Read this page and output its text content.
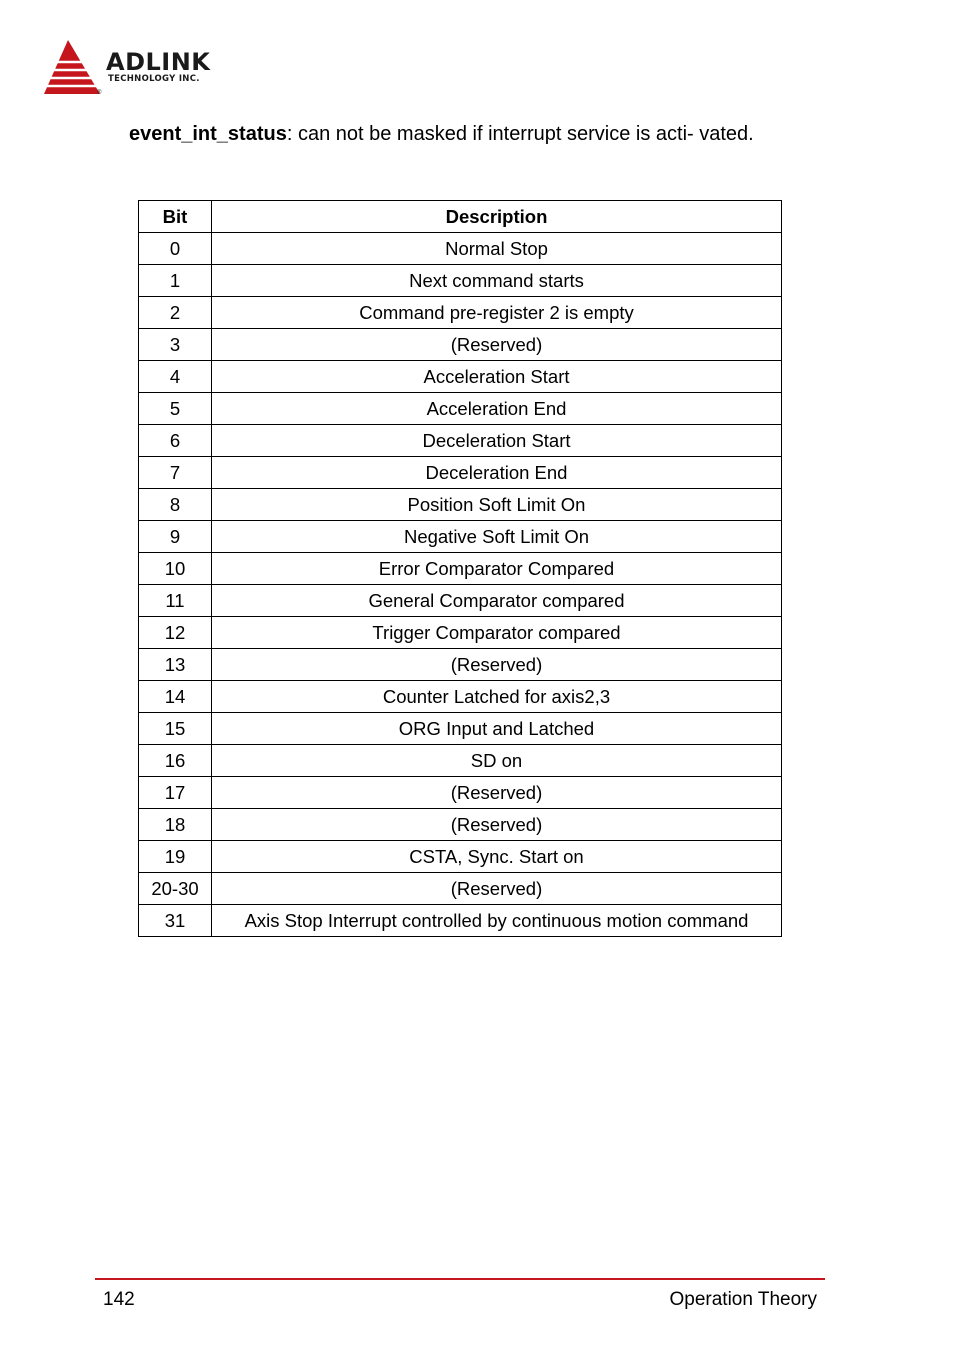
ADLINK
TECHNOLOGY INC.
®

event_int_status: can not be masked if interrupt service is acti- vated.

Bit	Description
0	Normal Stop
1	Next command starts
2	Command pre-register 2 is empty
3	(Reserved)
4	Acceleration Start
5	Acceleration End
6	Deceleration Start
7	Deceleration End
8	Position Soft Limit On
9	Negative Soft Limit On
10	Error Comparator Compared
11	General Comparator compared
12	Trigger Comparator compared
13	(Reserved)
14	Counter Latched for axis2,3
15	ORG Input and Latched
16	SD on
17	(Reserved)
18	(Reserved)
19	CSTA, Sync. Start on
20-30	(Reserved)
31	Axis Stop Interrupt controlled by continuous motion command
142	Operation Theory
